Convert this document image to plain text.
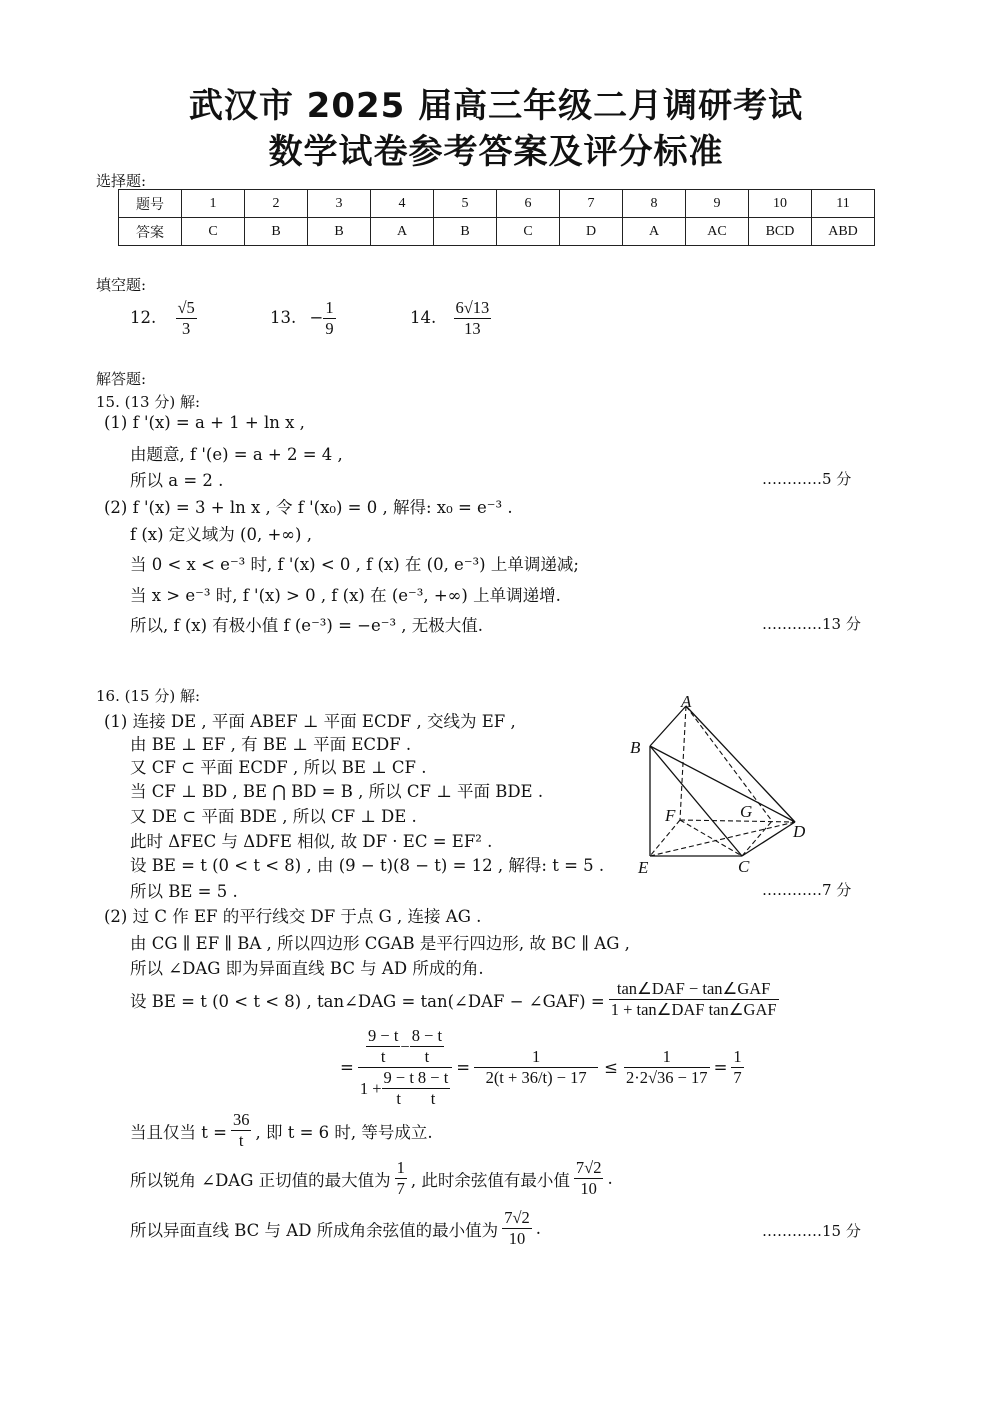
武汉市 2025 届高三年级二月调研考试
数学试卷参考答案及评分标准
选择题:
题号	1	2	3	4	5	6	7	8	9	10	11
答案	C	B	B	A	B	C	D	A	AC	BCD	ABD
填空题:
12. $\frac{√5}{3}$	13. − $\frac{1}{9}$	14. $\frac{6√13}{13}$
解答题:
15. (13 分) 解:
(1) f '(x) = a + 1 + ln x ,
由题意, f '(e) = a + 2 = 4 ,
所以 a = 2 .	…………5 分
(2) f '(x) = 3 + ln x , 令 f '(x₀) = 0 , 解得: x₀ = e⁻³ .
f (x) 定义域为 (0, +∞) ,
当 0 < x < e⁻³ 时, f '(x) < 0 , f (x) 在 (0, e⁻³) 上单调递减;
当 x > e⁻³ 时, f '(x) > 0 , f (x) 在 (e⁻³, +∞) 上单调递增.
所以, f (x) 有极小值 f (e⁻³) = −e⁻³ , 无极大值.	…………13 分
16. (15 分) 解:
(1) 连接 DE , 平面 ABEF ⊥ 平面 ECDF , 交线为 EF ,
由 BE ⊥ EF , 有 BE ⊥ 平面 ECDF .
又 CF ⊂ 平面 ECDF , 所以 BE ⊥ CF .
当 CF ⊥ BD , BE ⋂ BD = B , 所以 CF ⊥ 平面 BDE .
又 DE ⊂ 平面 BDE , 所以 CF ⊥ DE .
此时 ΔFEC 与 ΔDFE 相似, 故 DF · EC = EF² .
设 BE = t (0 < t < 8) , 由 (9 − t)(8 − t) = 12 , 解得: t = 5 .
所以 BE = 5 .	…………7 分
(2) 过 C 作 EF 的平行线交 DF 于点 G , 连接 AG .
由 CG ∥ EF ∥ BA , 所以四边形 CGAB 是平行四边形, 故 BC ∥ AG ,
所以 ∠DAG 即为异面直线 BC 与 AD 所成的角.
设 BE = t (0 < t < 8) , tan∠DAG = tan(∠DAF − ∠GAF) = $\frac{\text{tan∠DAF − tan∠GAF}}{\text{1 + tan∠DAF tan∠GAF}}$
= $\frac{\frac{9 - t}{t} - \frac{8 - t}{t}}{1 + \frac{9 - t}{t} \frac{8 - t}{t}} = \frac{1}{2(t + 36/t) - 17} \le \frac{1}{2\cdot 2√36 - 17} = \frac{1}{7}$
当且仅当 $t = \frac{36}{t}$ , 即 t = 6 时, 等号成立.
所以锐角 ∠DAG 正切值的最大值为 $\frac{1}{7}$ , 此时余弦值有最小值 $\frac{7√2}{10}$ .
所以异面直线 BC 与 AD 所成角余弦值的最小值为 $\frac{7√2}{10}$ .	…………15 分
A
B
C
D
E
F	G
